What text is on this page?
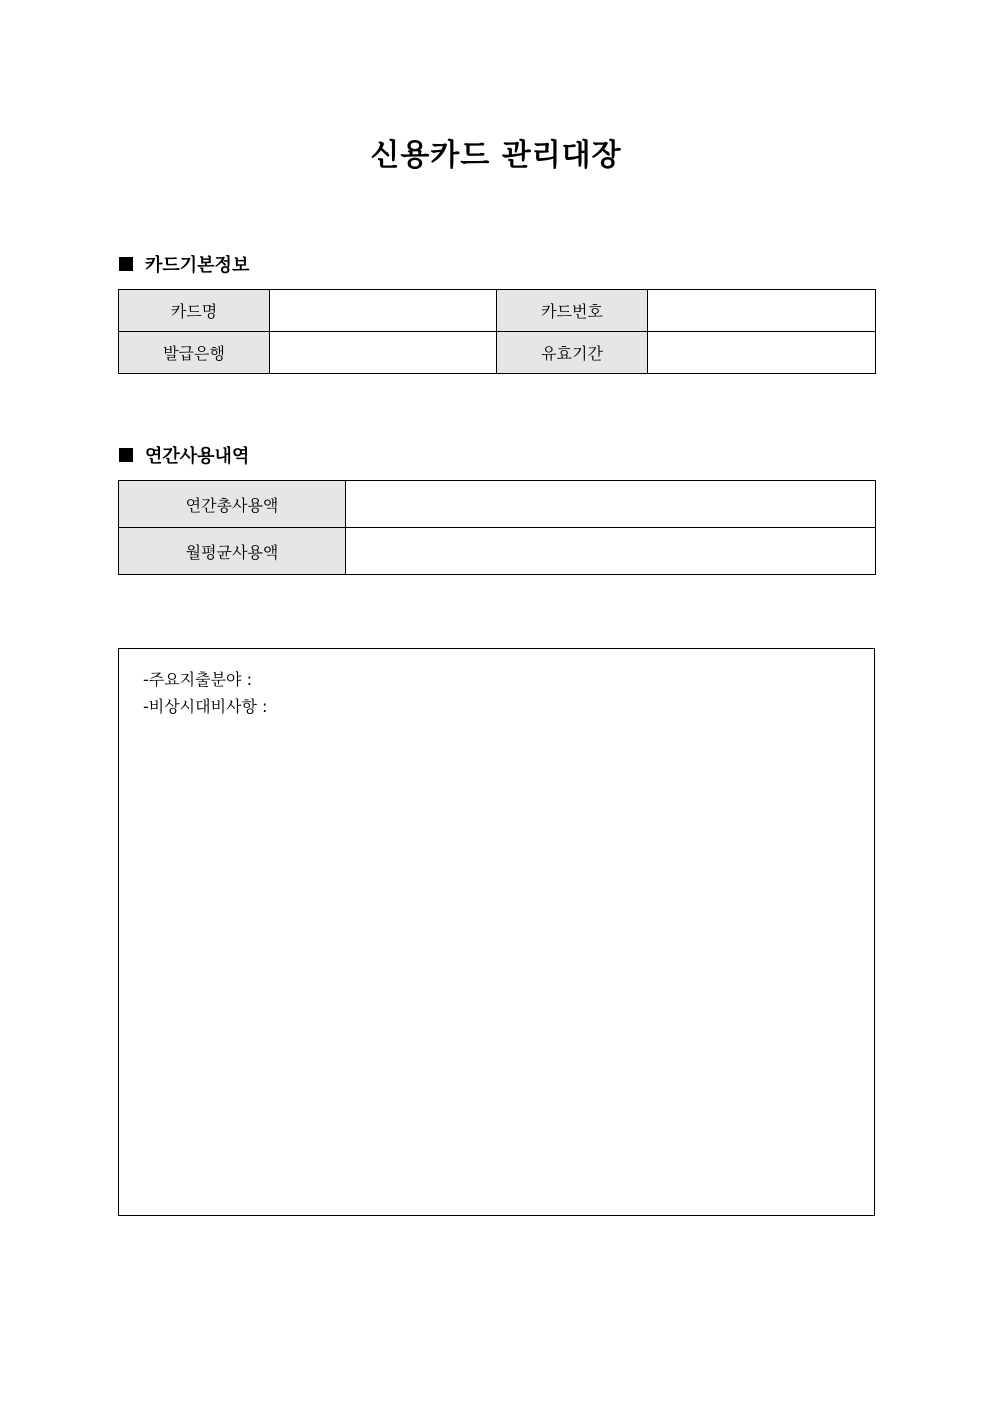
신용카드 관리대장
카드기본정보
카드명		카드번호	
발급은행		유효기간	
연간사용내역
연간총사용액	
월평균사용액	
-주요지출분야 :
-비상시대비사항 :
